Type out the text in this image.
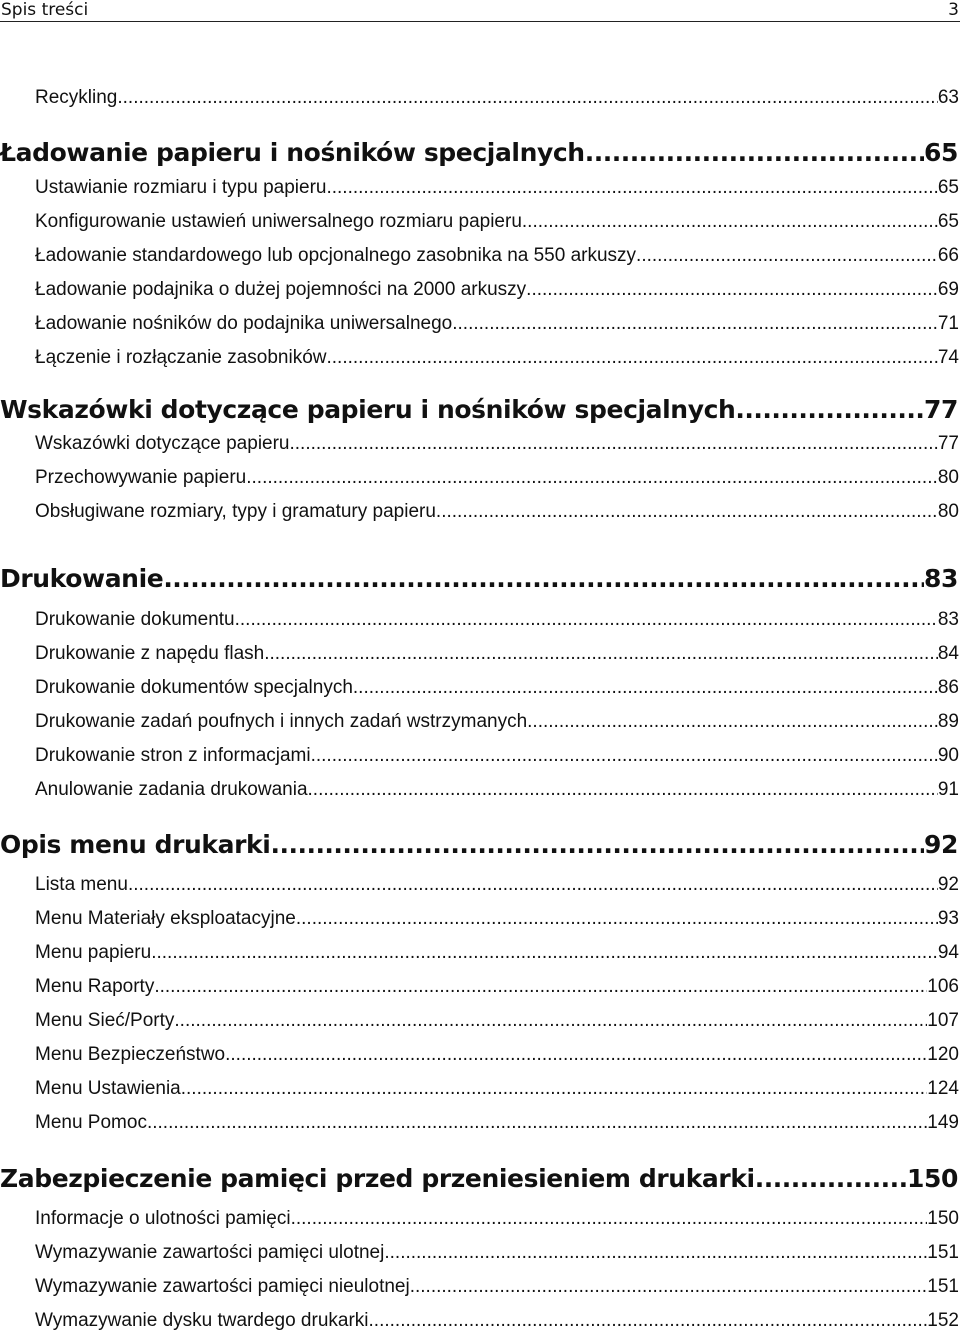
Spis treści	3
Recykling .....	63
Ładowanie papieru i nośników specjalnych .....	65
Ustawianie rozmiaru i typu papieru .....	65
Konfigurowanie ustawień uniwersalnego rozmiaru papieru .....	65
Ładowanie standardowego lub opcjonalnego zasobnika na 550 arkuszy .....	66
Ładowanie podajnika o dużej pojemności na 2000 arkuszy .....	69
Ładowanie nośników do podajnika uniwersalnego .....	71
Łączenie i rozłączanie zasobników .....	74
Wskazówki dotyczące papieru i nośników specjalnych .....	77
Wskazówki dotyczące papieru .....	77
Przechowywanie papieru .....	80
Obsługiwane rozmiary, typy i gramatury papieru .....	80
Drukowanie .....	83
Drukowanie dokumentu .....	83
Drukowanie z napędu flash .....	84
Drukowanie dokumentów specjalnych .....	86
Drukowanie zadań poufnych i innych zadań wstrzymanych .....	89
Drukowanie stron z informacjami .....	90
Anulowanie zadania drukowania .....	91
Opis menu drukarki .....	92
Lista menu .....	92
Menu Materiały eksploatacyjne .....	93
Menu papieru .....	94
Menu Raporty .....	106
Menu Sieć/Porty .....	107
Menu Bezpieczeństwo .....	120
Menu Ustawienia .....	124
Menu Pomoc .....	149
Zabezpieczenie pamięci przed przeniesieniem drukarki .....	150
Informacje o ulotności pamięci .....	150
Wymazywanie zawartości pamięci ulotnej .....	151
Wymazywanie zawartości pamięci nieulotnej .....	151
Wymazywanie dysku twardego drukarki .....	152
